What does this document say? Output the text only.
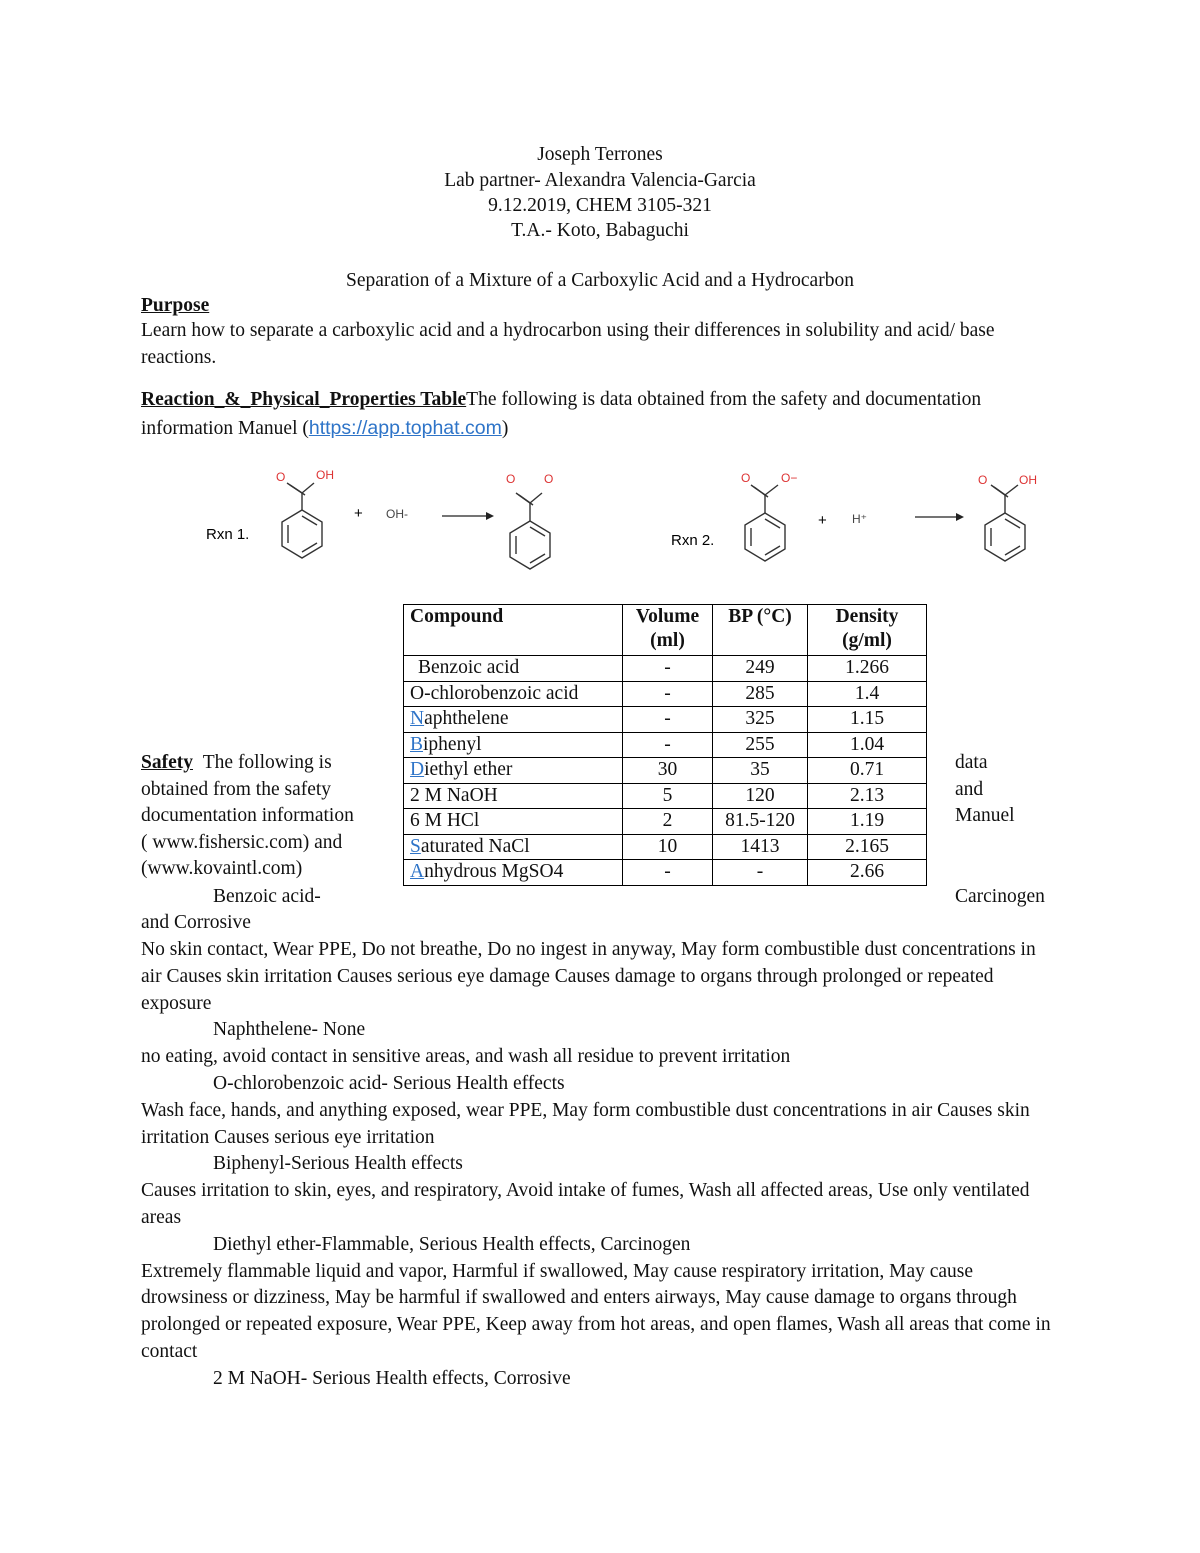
Joseph Terrones
Lab partner- Alexandra Valencia-Garcia
9.12.2019, CHEM 3105-321
T.A.- Koto, Babaguchi
Separation of a Mixture of a Carboxylic Acid and a Hydrocarbon
Purpose
Learn how to separate a carboxylic acid and a hydrocarbon using their differences in solubility and acid/ base reactions.
Reaction_&_Physical_Properties TableThe following is data obtained from the safety and documentation information Manuel (https://app.tophat.com)
Rxn 1.
O	OH
+ OH-
O O
Rxn 2.
O	O−
+ H⁺
O	OH
Compound	Volume (ml)	BP (°C)	Density (g/ml)
Benzoic acid	-	249	1.266
O-chlorobenzoic acid	-	285	1.4
Naphthelene	-	325	1.15
Biphenyl	-	255	1.04
Diethyl ether	30	35	0.71
2 M NaOH	5	120	2.13
6 M HCl	2	81.5-120	1.19
Saturated NaCl	10	1413	2.165
Anhydrous MgSO4	-	-	2.66
Safety The following is
obtained from the safety
documentation information
( www.fishersic.com) and
(www.kovaintl.com)
data
and
Manuel
Benzoic acid-	Carcinogen
and Corrosive
No skin contact, Wear PPE, Do not breathe, Do no ingest in anyway, May form combustible dust concentrations in air Causes skin irritation Causes serious eye damage Causes damage to organs through prolonged or repeated exposure
Naphthelene- None
no eating, avoid contact in sensitive areas, and wash all residue to prevent irritation
O-chlorobenzoic acid- Serious Health effects
Wash face, hands, and anything exposed, wear PPE, May form combustible dust concentrations in air Causes skin irritation Causes serious eye irritation
Biphenyl-Serious Health effects
Causes irritation to skin, eyes, and respiratory, Avoid intake of fumes, Wash all affected areas, Use only ventilated areas
Diethyl ether-Flammable, Serious Health effects, Carcinogen
Extremely flammable liquid and vapor, Harmful if swallowed, May cause respiratory irritation, May cause drowsiness or dizziness, May be harmful if swallowed and enters airways, May cause damage to organs through prolonged or repeated exposure, Wear PPE, Keep away from hot areas, and open flames, Wash all areas that come in contact
2 M NaOH- Serious Health effects, Corrosive
